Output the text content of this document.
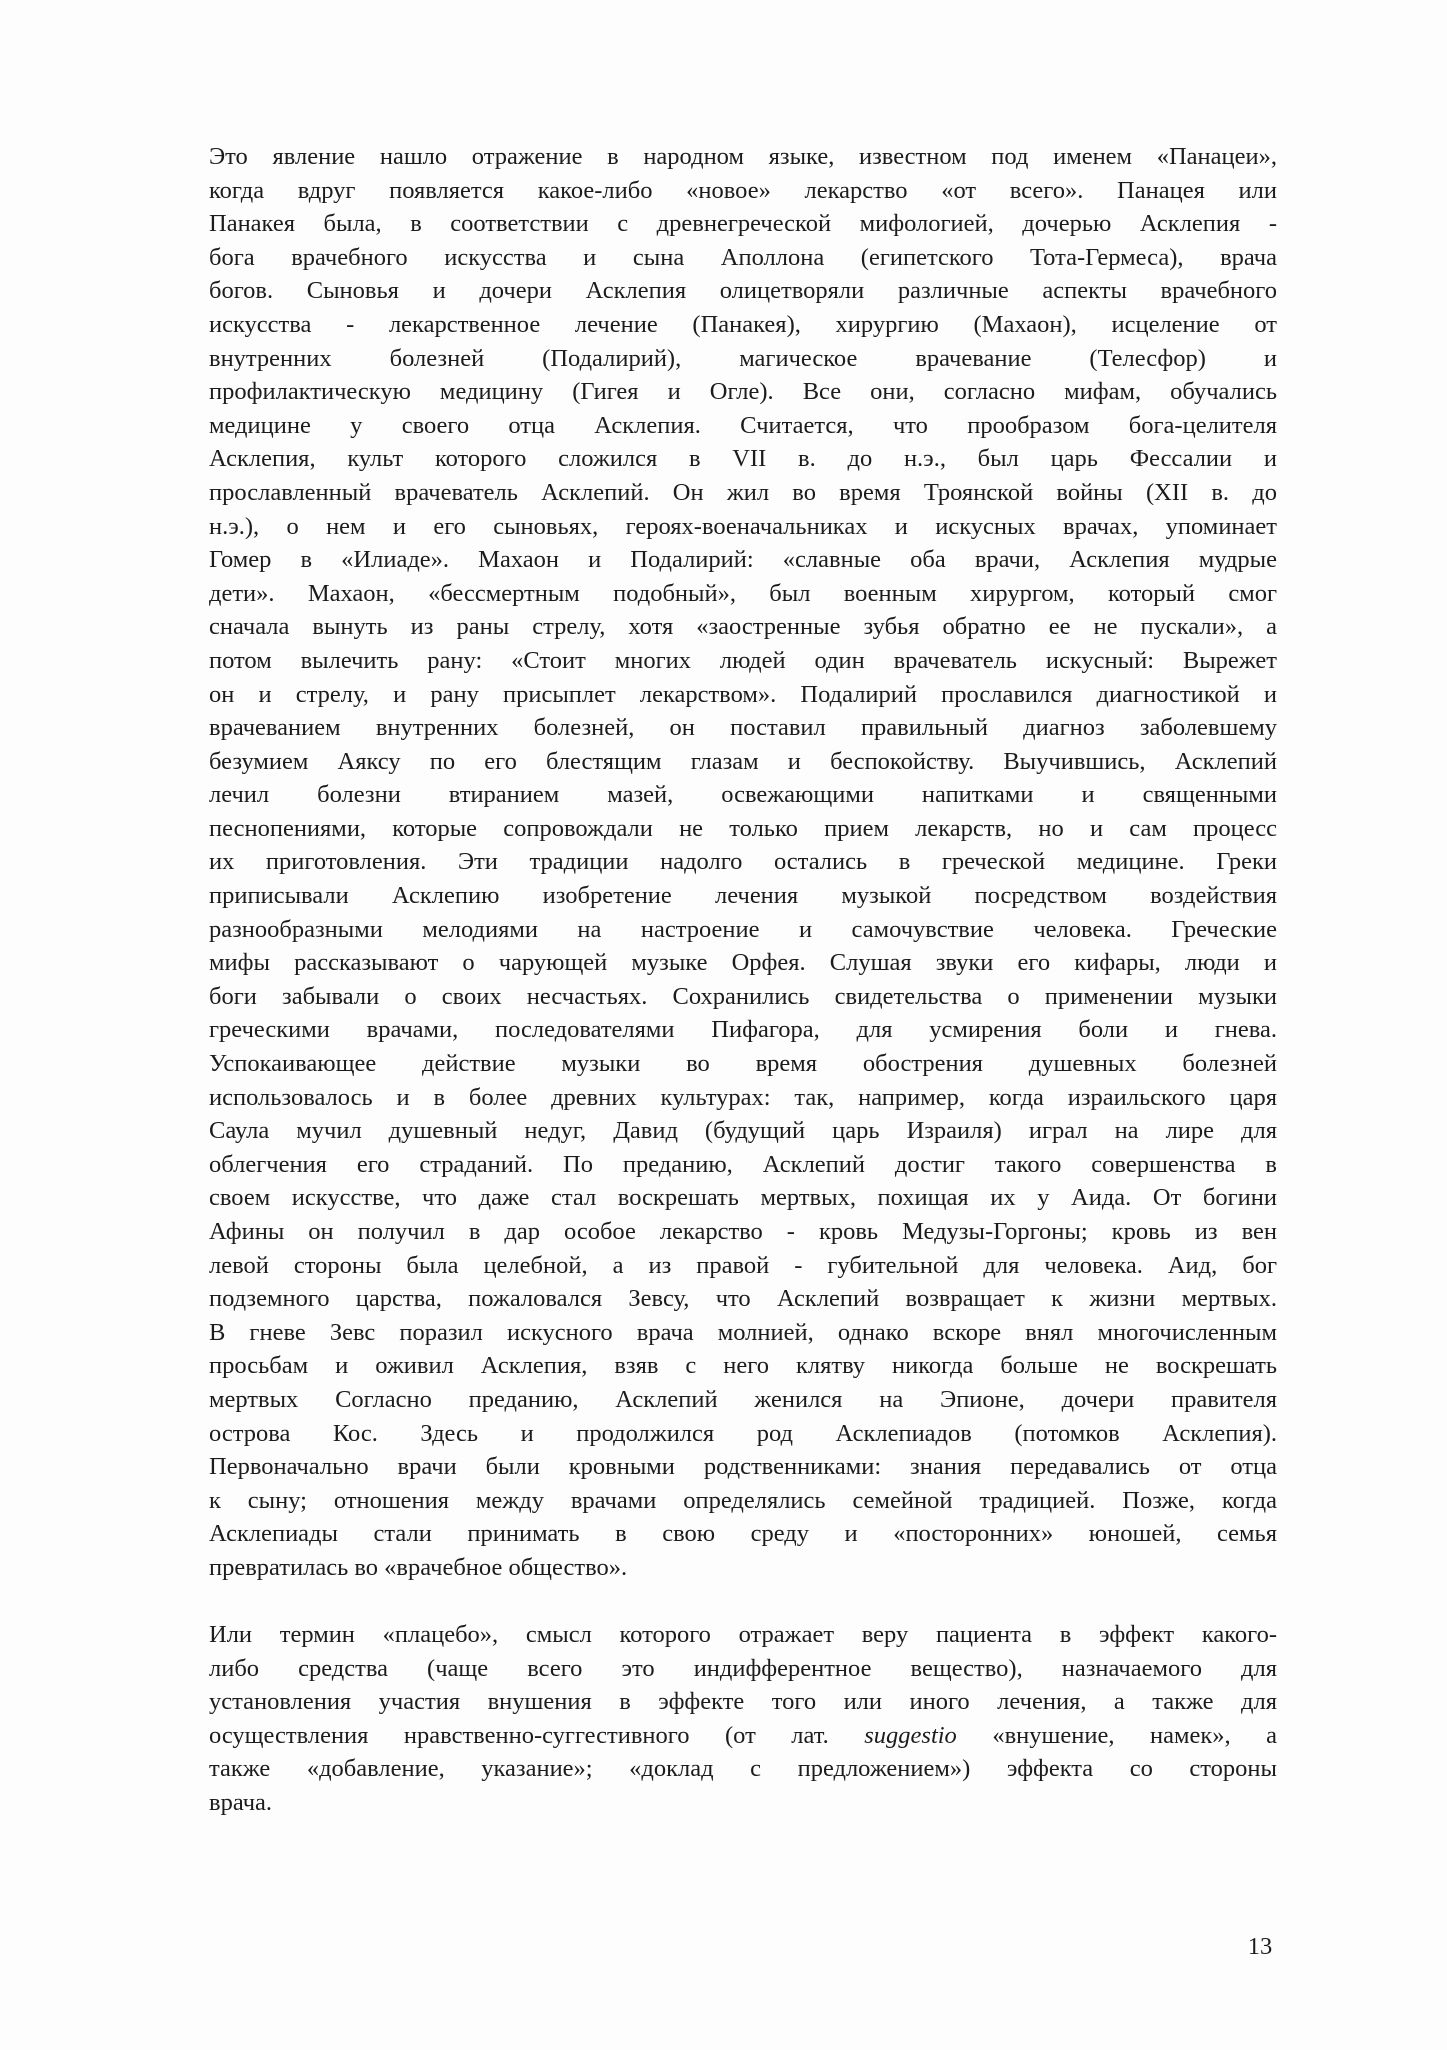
Это явление нашло отражение в народном языке, известном под именем «Панацеи»,
когда вдруг появляется какое-либо «новое» лекарство «от всего». Панацея или
Панакея была, в соответствии с древнегреческой мифологией, дочерью Асклепия -
бога врачебного искусства и сына Аполлона (египетского Тота-Гермеса), врача
богов. Сыновья и дочери Асклепия олицетворяли различные аспекты врачебного
искусства - лекарственное лечение (Панакея), хирургию (Махаон), исцеление от
внутренних болезней (Подалирий), магическое врачевание (Телесфор) и
профилактическую медицину (Гигея и Огле). Все они, согласно мифам, обучались
медицине у своего отца Асклепия. Считается, что прообразом бога-целителя
Асклепия, культ которого сложился в VII в. до н.э., был царь Фессалии и
прославленный врачеватель Асклепий. Он жил во время Троянской войны (XII в. до
н.э.), о нем и его сыновьях, героях-военачальниках и искусных врачах, упоминает
Гомер в «Илиаде». Махаон и Подалирий: «славные оба врачи, Асклепия мудрые
дети». Махаон, «бессмертным подобный», был военным хирургом, который смог
сначала вынуть из раны стрелу, хотя «заостренные зубья обратно ее не пускали», а
потом вылечить рану: «Стоит многих людей один врачеватель искусный: Вырежет
он и стрелу, и рану присыплет лекарством». Подалирий прославился диагностикой и
врачеванием внутренних болезней, он поставил правильный диагноз заболевшему
безумием Аяксу по его блестящим глазам и беспокойству. Выучившись, Асклепий
лечил болезни втиранием мазей, освежающими напитками и священными
песнопениями, которые сопровождали не только прием лекарств, но и сам процесс
их приготовления. Эти традиции надолго остались в греческой медицине. Греки
приписывали Асклепию изобретение лечения музыкой посредством воздействия
разнообразными мелодиями на настроение и самочувствие человека. Греческие
мифы рассказывают о чарующей музыке Орфея. Слушая звуки его кифары, люди и
боги забывали о своих несчастьях. Сохранились свидетельства о применении музыки
греческими врачами, последователями Пифагора, для усмирения боли и гнева.
Успокаивающее действие музыки во время обострения душевных болезней
использовалось и в более древних культурах: так, например, когда израильского царя
Саула мучил душевный недуг, Давид (будущий царь Израиля) играл на лире для
облегчения его страданий. По преданию, Асклепий достиг такого совершенства в
своем искусстве, что даже стал воскрешать мертвых, похищая их у Аида. От богини
Афины он получил в дар особое лекарство - кровь Медузы-Горгоны; кровь из вен
левой стороны была целебной, а из правой - губительной для человека. Аид, бог
подземного царства, пожаловался Зевсу, что Асклепий возвращает к жизни мертвых.
В гневе Зевс поразил искусного врача молнией, однако вскоре внял многочисленным
просьбам и оживил Асклепия, взяв с него клятву никогда больше не воскрешать
мертвых Согласно преданию, Асклепий женился на Эпионе, дочери правителя
острова Кос. Здесь и продолжился род Асклепиадов (потомков Асклепия).
Первоначально врачи были кровными родственниками: знания передавались от отца
к сыну; отношения между врачами определялись семейной традицией. Позже, когда
Асклепиады стали принимать в свою среду и «посторонних» юношей, семья
превратилась во «врачебное общество».
Или термин «плацебо», смысл которого отражает веру пациента в эффект какого-
либо средства (чаще всего это индифферентное вещество), назначаемого для
установления участия внушения в эффекте того или иного лечения, а также для
осуществления нравственно-суггестивного (от лат. suggestio «внушение, намек», а
также «добавление, указание»; «доклад с предложением») эффекта со стороны
врача.
13
